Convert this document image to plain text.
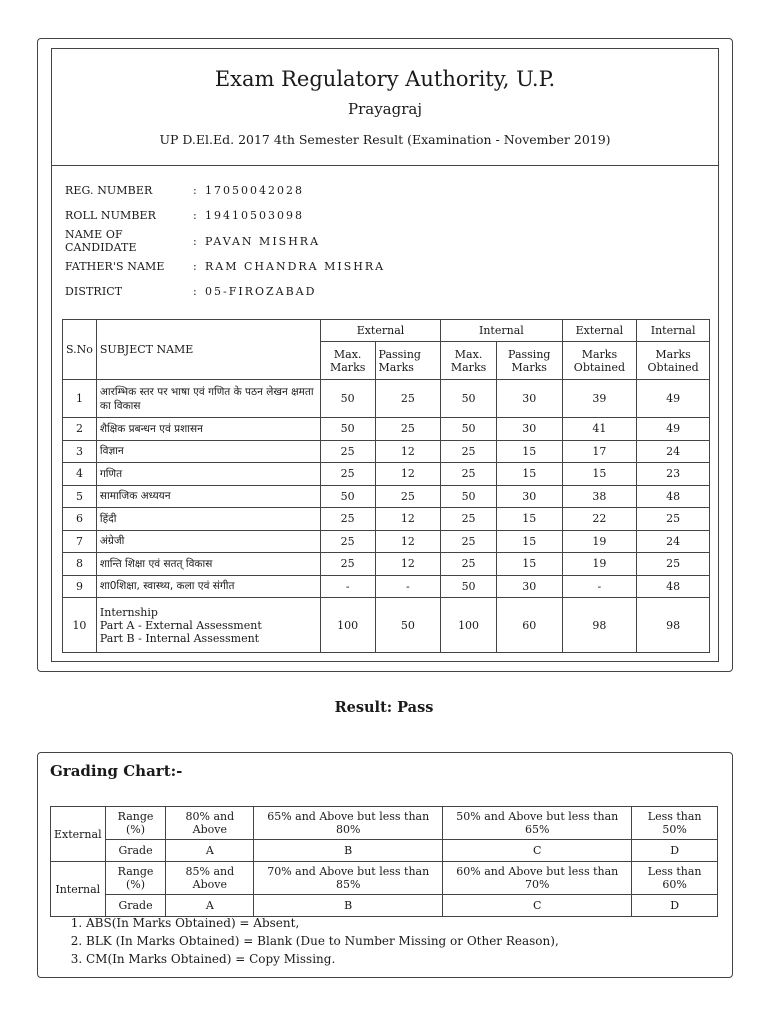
Exam Regulatory Authority, U.P.
Prayagraj
UP D.El.Ed. 2017 4th Semester Result (Examination - November 2019)
REG. NUMBER	: 17050042028
ROLL NUMBER	: 19410503098
NAME OF CANDIDATE
: PAVAN MISHRA
FATHER'S NAME	: RAM CHANDRA MISHRA
DISTRICT	: 05-FIROZABAD
S.No	SUBJECT NAME	External		Internal		External	Internal
		Max. Marks	Passing Marks	Max. Marks	Passing Marks	Marks Obtained	Marks Obtained
1	आरम्भिक स्तर पर भाषा एवं गणित के पठन लेखन क्षमता का विकास	50	25	50	30	39	49
2	शैक्षिक प्रबन्धन एवं प्रशासन	50	25	50	30	41	49
3	विज्ञान	25	12	25	15	17	24
4	गणित	25	12	25	15	15	23
5	सामाजिक अध्ययन	50	25	50	30	38	48
6	हिंदी	25	12	25	15	22	25
7	अंग्रेजी	25	12	25	15	19	24
8	शान्ति शिक्षा एवं सतत् विकास	25	12	25	15	19	25
9	शा0शिक्षा, स्वास्थ्य, कला एवं संगीत	-	-	50	30	-	48
10	Internship
Part A - External Assessment
Part B - Internal Assessment	100	50	100	60	98	98
Result: Pass
Grading Chart:-
External	Range (%)	80% and Above	65% and Above but less than 80%	50% and Above but less than 65%	Less than 50%
	Grade	A	B	C	D
Internal	Range (%)	85% and Above	70% and Above but less than 85%	60% and Above but less than 70%	Less than 60%
	Grade	A	B	C	D
1. ABS(In Marks Obtained) = Absent,
2. BLK (In Marks Obtained) = Blank (Due to Number Missing or Other Reason),
3. CM(In Marks Obtained) = Copy Missing.
